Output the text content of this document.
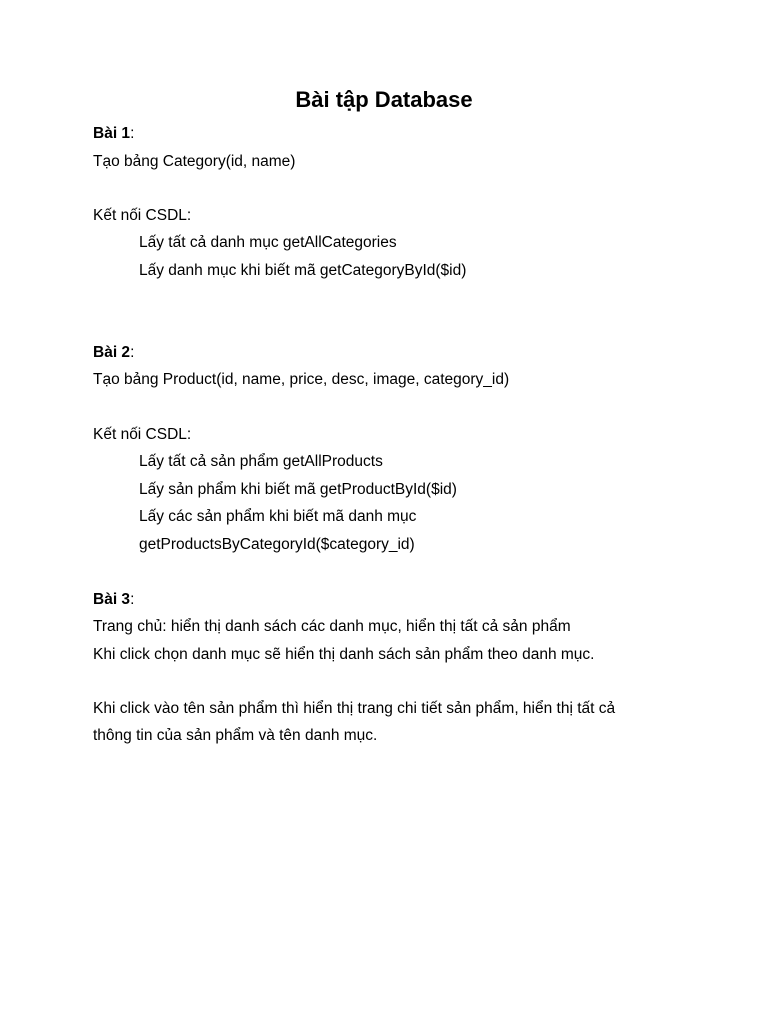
Bài tập Database
Bài 1:
Tạo bảng Category(id, name)
Kết nối CSDL:
Lấy tất cả danh mục getAllCategories
Lấy danh mục khi biết mã getCategoryById($id)
Bài 2:
Tạo bảng Product(id, name, price, desc, image, category_id)
Kết nối CSDL:
Lấy tất cả sản phẩm getAllProducts
Lấy sản phẩm khi biết mã getProductById($id)
Lấy các sản phẩm khi biết mã danh mục
getProductsByCategoryId($category_id)
Bài 3:
Trang chủ: hiển thị danh sách các danh mục, hiển thị tất cả sản phẩm
Khi click chọn danh mục sẽ hiển thị danh sách sản phẩm theo danh mục.
Khi click vào tên sản phẩm thì hiển thị trang chi tiết sản phẩm, hiển thị tất cả
thông tin của sản phẩm và tên danh mục.
